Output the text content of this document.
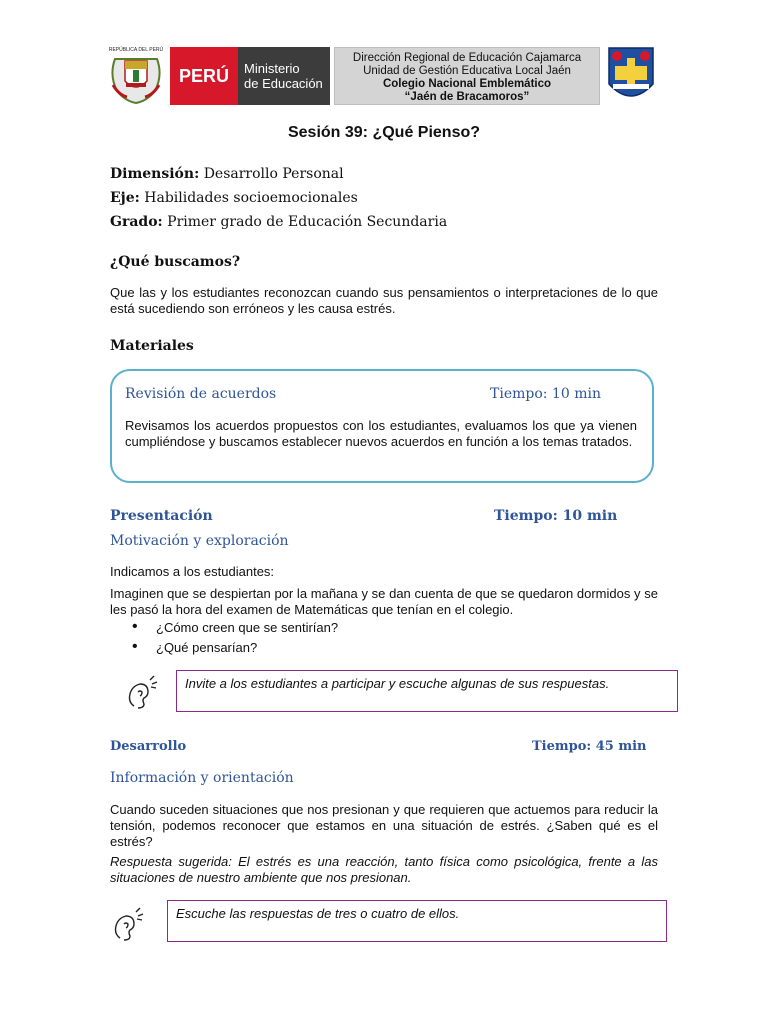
REPÚBLICA DEL PERÚ
PERÚ Ministerio
de Educación
Dirección Regional de Educación Cajamarca
Unidad de Gestión Educativa Local Jaén
Colegio Nacional Emblemático
“Jaén de Bracamoros”
Sesión 39: ¿Qué Pienso?
Dimensión: Desarrollo Personal
Eje: Habilidades socioemocionales
Grado: Primer grado de Educación Secundaria
¿Qué buscamos?
Que las y los estudiantes reconozcan cuando sus pensamientos o interpretaciones de lo que está sucediendo son erróneos y les causa estrés.
Materiales
Revisión de acuerdos	Tiempo: 10 min
Revisamos los acuerdos propuestos con los estudiantes, evaluamos los que ya vienen cumpliéndose y buscamos establecer nuevos acuerdos en función a los temas tratados.
Presentación	Tiempo: 10 min
Motivación y exploración
Indicamos a los estudiantes:
Imaginen que se despiertan por la mañana y se dan cuenta de que se quedaron dormidos y se les pasó la hora del examen de Matemáticas que tenían en el colegio.
• ¿Cómo creen que se sentirían?
• ¿Qué pensarían?
Invite a los estudiantes a participar y escuche algunas de sus respuestas.
Desarrollo	Tiempo: 45 min
Información y orientación
Cuando suceden situaciones que nos presionan y que requieren que actuemos para reducir la tensión, podemos reconocer que estamos en una situación de estrés. ¿Saben qué es el estrés?
Respuesta sugerida: El estrés es una reacción, tanto física como psicológica, frente a las situaciones de nuestro ambiente que nos presionan.
Escuche las respuestas de tres o cuatro de ellos.
